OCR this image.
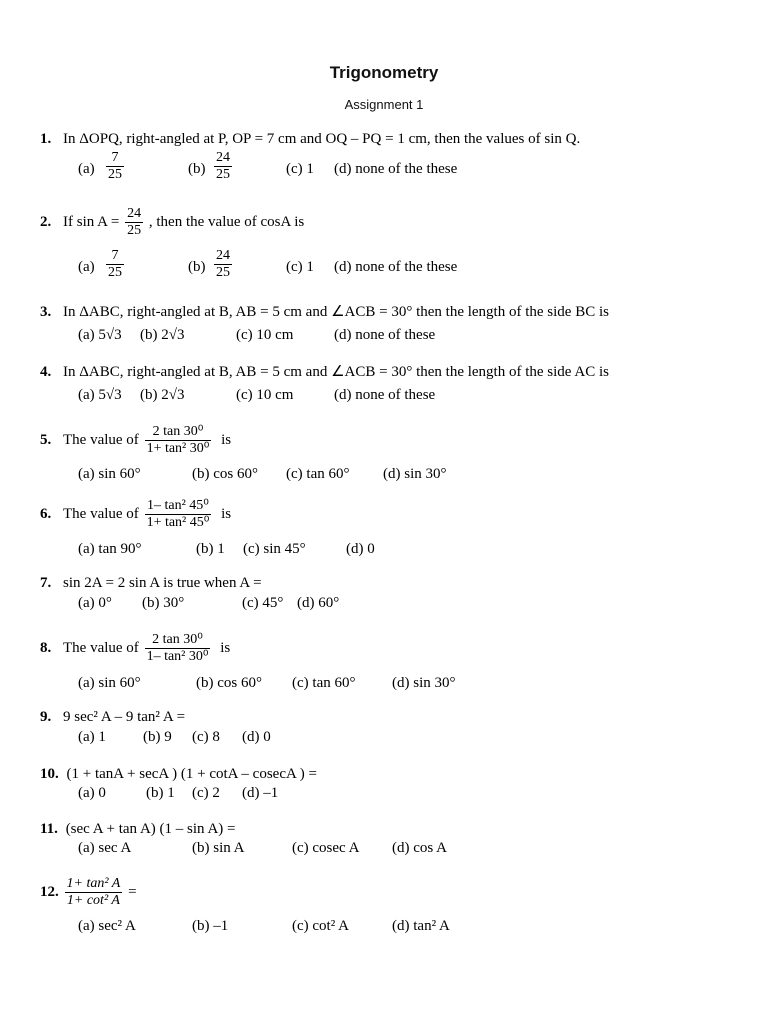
Trigonometry
Assignment 1
1. In ΔOPQ, right-angled at P, OP = 7 cm and OQ – PQ = 1 cm, then the values of sin Q.
$(a) \frac{7}{25}$	$(b) \frac{24}{25}$	(c) 1 (d) none of the these
2. If $\sin A = \frac{24}{25}$ , then the value of cosA is
$(a) \frac{7}{25}$	$(b) \frac{24}{25}$	(c) 1 (d) none of the these
3. In ΔABC, right-angled at B, AB = 5 cm and ∠ACB = 30° then the length of the side BC is
(a) 5√3 (b) 2√3	(c) 10 cm	(d) none of these
4. In ΔABC, right-angled at B, AB = 5 cm and ∠ACB = 30° then the length of the side AC is
(a) 5√3 (b) 2√3	(c) 10 cm	(d) none of these
5. The value of $\frac{\text{2 tan 30⁰}}{\text{1+ tan² 30⁰}}$ is
(a) sin 60°	(b) cos 60° (c) tan 60° (d) sin 30°
6. The value of $\frac{\text{1– tan² 45⁰}}{\text{1+ tan² 45⁰}}$ is
(a) tan 90°	(b) 1 (c) sin 45°	(d) 0
7. sin 2A = 2 sin A is true when A =
(a) 0° (b) 30°	(c) 45° (d) 60°
8. The value of $\frac{\text{2 tan 30⁰}}{\text{1– tan² 30⁰}}$ is
(a) sin 60°	(b) cos 60° (c) tan 60° (d) sin 30°
9. 9 sec² A – 9 tan² A =
(a) 1 (b) 9 (c) 8 (d) 0
10. (1 + tanA + secA ) (1 + cotA – cosecA ) =
(a) 0	(b) 1 (c) 2 (d) –1
11. (sec A + tan A) (1 – sin A) =
(a) sec A	(b) sin A	(c) cosec A (d) cos A
12. $\frac{\text{1+ tan² A}}{\text{1+ cot² A}}$ =
(a) sec² A	(b) –1	(c) cot² A	(d) tan² A
